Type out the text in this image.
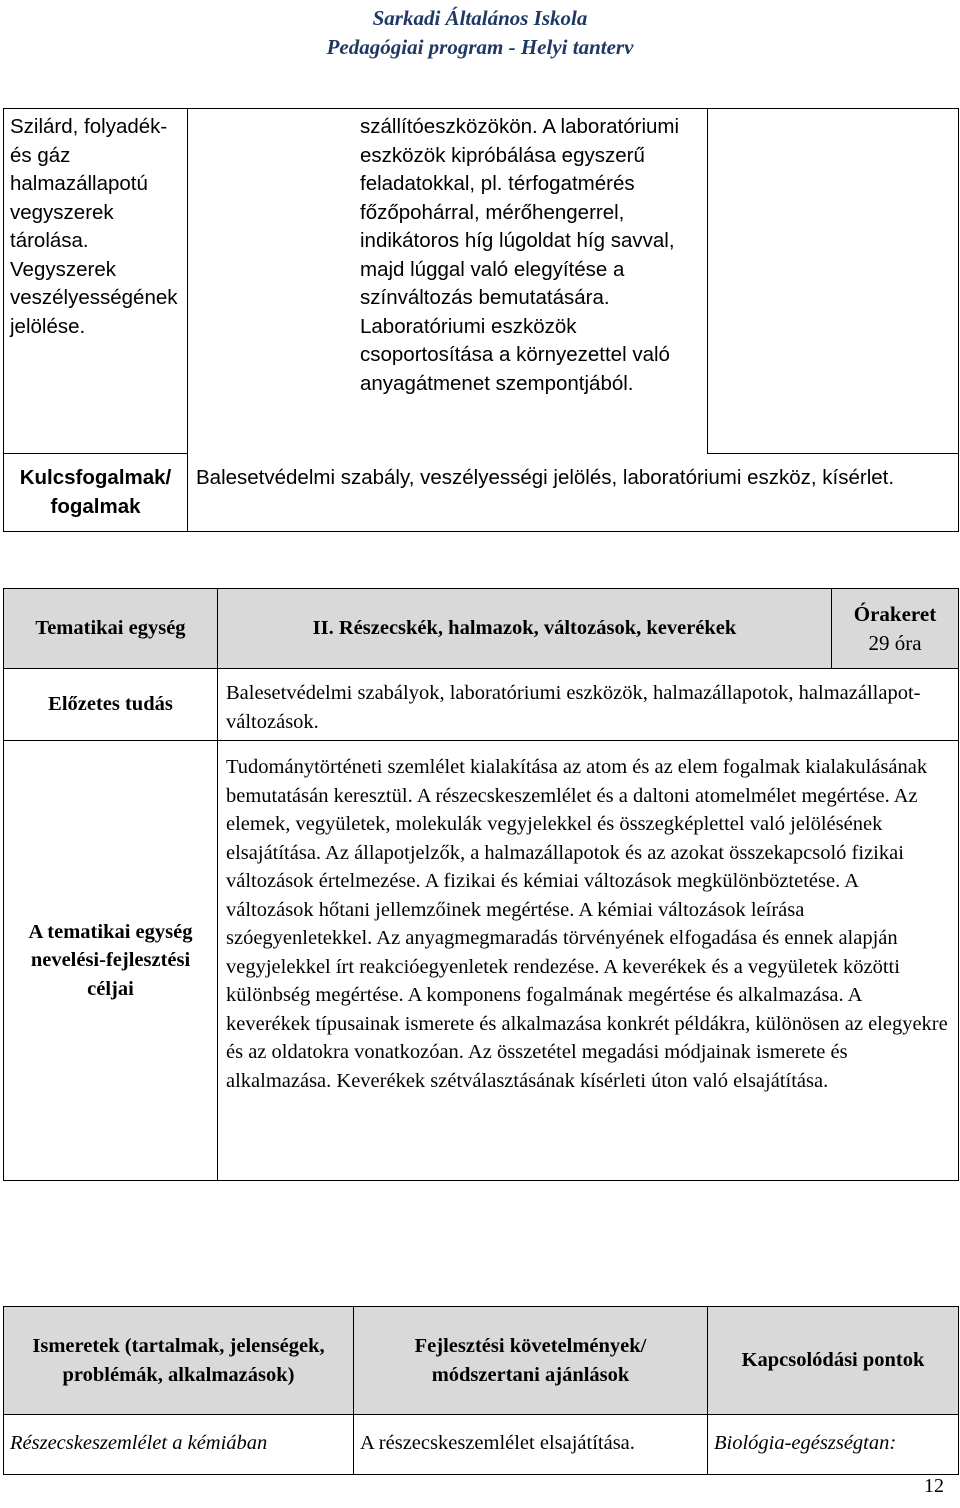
Sarkadi Általános Iskola
Pedagógiai program - Helyi tanterv
Szilárd, folyadék- és gáz halmazállapotú vegyszerek tárolása. Vegyszerek veszélyességének jelölése.	szállítóeszközökön. A laboratóriumi eszközök kipróbálása egyszerű feladatokkal, pl. térfogatmérés főzőpohárral, mérőhengerrel, indikátoros híg lúgoldat híg savval, majd lúggal való elegyítése a színváltozás bemutatására. Laboratóriumi eszközök csoportosítása a környezettel való anyagátmenet szempontjából.	
Kulcsfogalmak/ fogalmak	Balesetvédelmi szabály, veszélyességi jelölés, laboratóriumi eszköz, kísérlet.	
Tematikai egység	II. Részecskék, halmazok, változások, keverékek	Órakeret
29 óra

Előzetes tudás	Balesetvédelmi szabályok, laboratóriumi eszközök, halmazállapotok, halmazállapot-változások.	
A tematikai egység nevelési-fejlesztési céljai	Tudománytörténeti szemlélet kialakítása az atom és az elem fogalmak kialakulásának bemutatásán keresztül. A részecskeszemlélet és a daltoni atomelmélet megértése. Az elemek, vegyületek, molekulák vegyjelekkel és összegképlettel való jelölésének elsajátítása. Az állapotjelzők, a halmazállapotok és az azokat összekapcsoló fizikai változások értelmezése. A fizikai és kémiai változások megkülönböztetése. A változások hőtani jellemzőinek megértése. A kémiai változások leírása szóegyenletekkel. Az anyagmegmaradás törvényének elfogadása és ennek alapján vegyjelekkel írt reakcióegyenletek rendezése. A keverékek és a vegyületek közötti különbség megértése. A komponens fogalmának megértése és alkalmazása. A keverékek típusainak ismerete és alkalmazása konkrét példákra, különösen az elegyekre és az oldatokra vonatkozóan. Az összetétel megadási módjainak ismerete és alkalmazása. Keverékek szétválasztásának kísérleti úton való elsajátítása.	
Ismeretek (tartalmak, jelenségek, problémák, alkalmazások)	Fejlesztési követelmények/ módszertani ajánlások	Kapcsolódási pontok
Részecskeszemlélet a kémiában	A részecskeszemlélet elsajátítása.	Biológia-egészségtan:
12
